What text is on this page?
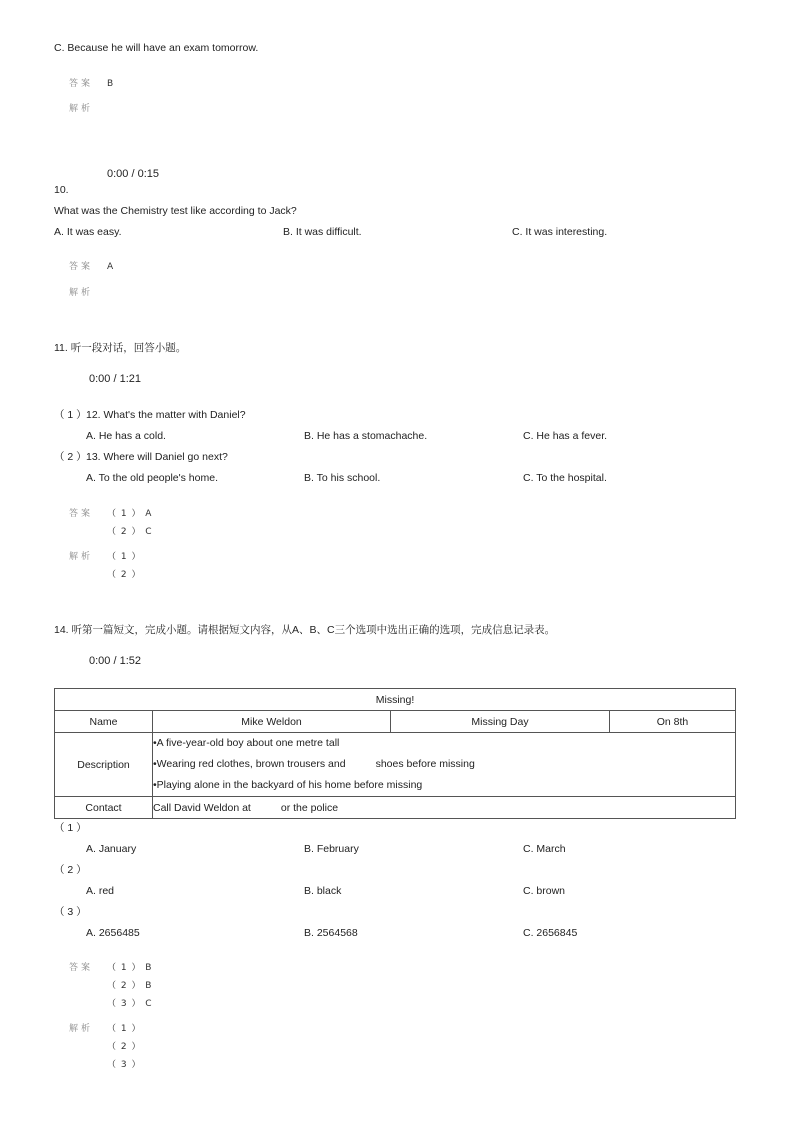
C. Because he will have an exam tomorrow.
答案 B
解析
0:00 / 0:15
10.
What was the Chemistry test like according to Jack?
A. It was easy.	B. It was difficult.	C. It was interesting.
答案 A
解析
11. 听一段对话，回答小题。
0:00 / 1:21
（ 1 ） 12. What's the matter with Daniel?
A. He has a cold.	B. He has a stomachache.	C. He has a fever.
（ 2 ） 13. Where will Daniel go next?
A. To the old people's home.	B. To his school.	C. To the hospital.
答案 （ 1 ） A
（ 2 ） C
解析 （ 1 ）
（ 2 ）
14. 听第一篇短文，完成小题。请根据短文内容，从A、B、C三个选项中选出正确的选项，完成信息记录表。
0:00 / 1:52
Missing!			
Name	Mike Weldon	Missing Day	On 8th
Description	•A five-year-old boy about one metre tall
•Wearing red clothes, brown trousers and shoes before missing
•Playing alone in the backyard of his home before missing		

Contact	Call David Weldon at or the police		
（ 1 ）
A. January	B. February	C. March
（ 2 ）
A. red	B. black	C. brown
（ 3 ）
A. 2656485	B. 2564568	C. 2656845
答案 （ 1 ） B
（ 2 ） B
（ 3 ） C
解析 （ 1 ）
（ 2 ）
（ 3 ）
